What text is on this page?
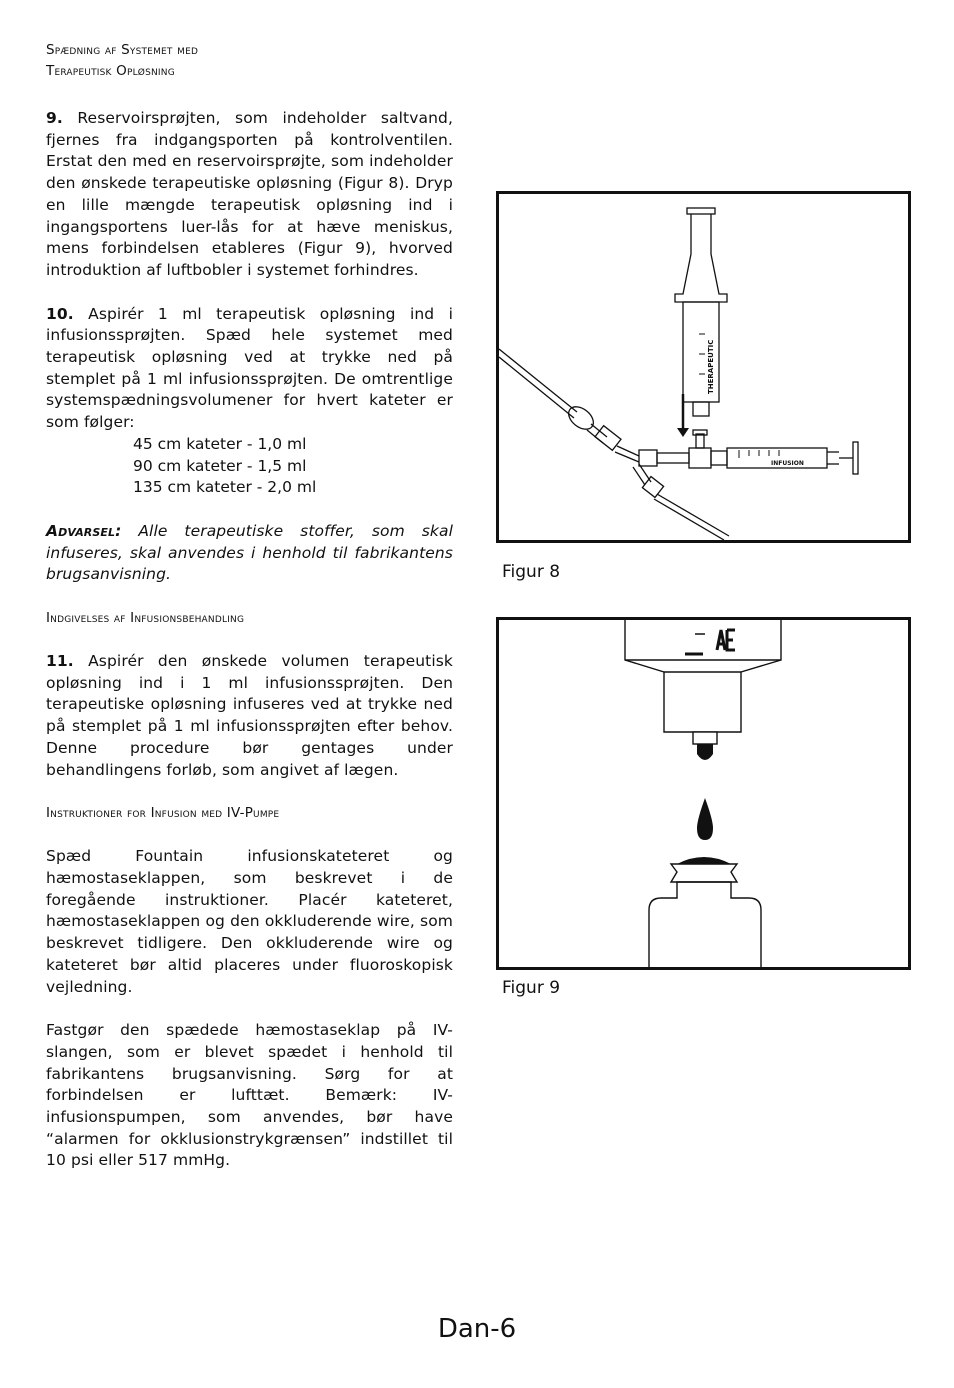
Spædning af Systemet med
Terapeutisk Opløsning

9. Reservoirsprøjten, som indeholder saltvand, fjernes fra indgangsporten på kontrolventilen. Erstat den med en reservoirsprøjte, som indeholder den ønskede terapeutiske opløsning (Figur 8). Dryp en lille mængde terapeutisk opløsning ind i ingangsportens luer-lås for at hæve meniskus, mens forbindelsen etableres (Figur 9), hvorved introduktion af luftbobler i systemet forhindres.

10. Aspirér 1 ml terapeutisk opløsning ind i infusionssprøjten. Spæd hele systemet med terapeutisk opløsning ved at trykke ned på stemplet på 1 ml infusionssprøjten. De omtrentlige systemspædningsvolumener for hvert kateter er som følger:

45 cm kateter - 1,0 ml
90 cm kateter - 1,5 ml
135 cm kateter - 2,0 ml

Advarsel: Alle terapeutiske stoffer, som skal infuseres, skal anvendes i henhold til fabrikantens brugsanvisning.

Indgivelses af Infusionsbehandling

11. Aspirér den ønskede volumen terapeutisk opløsning ind i 1 ml infusionssprøjten. Den terapeutiske opløsning infuseres ved at trykke ned på stemplet på 1 ml infusionssprøjten efter behov. Denne procedure bør gentages under behandlingens forløb, som angivet af lægen.

Instruktioner for Infusion med IV-Pumpe

Spæd Fountain infusionskateteret og hæmostaseklappen, som beskrevet i de foregående instruktioner. Placér kateteret, hæmostaseklappen og den okkluderende wire, som beskrevet tidligere. Den okkluderende wire og kateteret bør altid placeres under fluoroskopisk vejledning.

Fastgør den spædede hæmostaseklap på IV-slangen, som er blevet spædet i henhold til fabrikantens brugsanvisning. Sørg for at forbindelsen er lufttæt. Bemærk: IV-infusionspumpen, som anvendes, bør have “alarmen for okklusionstrykgrænsen” indstillet til 10 psi eller 517 mmHg.

THERAPEUTIC
INFUSION
Figur 8
Figur 9
Dan-6
